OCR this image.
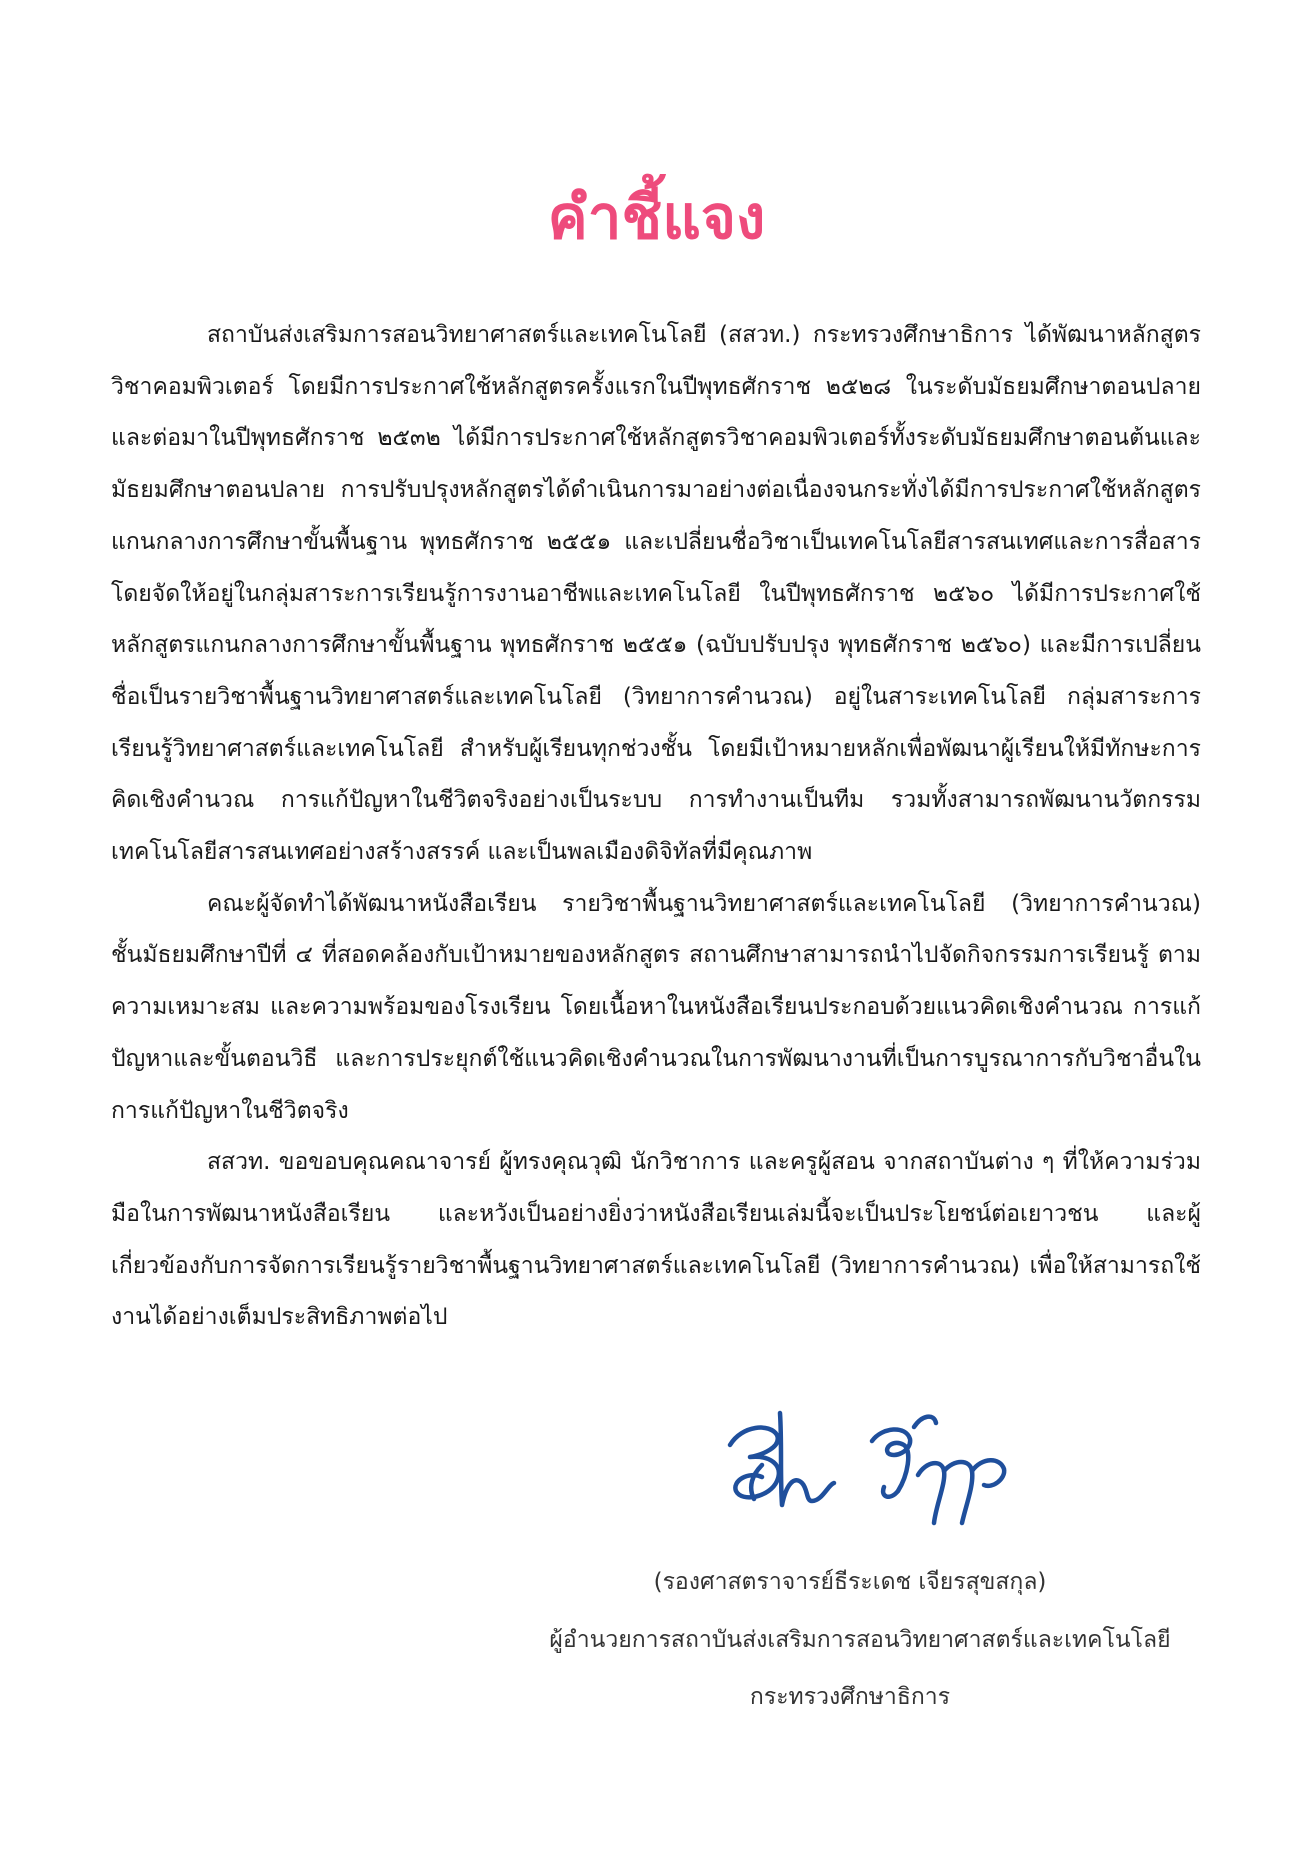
คำชี้แจง

สถาบันส่งเสริมการสอนวิทยาศาสตร์และเทคโนโลยี (สสวท.) กระทรวงศึกษาธิการ ได้พัฒนาหลักสูตรวิชาคอมพิวเตอร์ โดยมีการประกาศใช้หลักสูตรครั้งแรกในปีพุทธศักราช ๒๕๒๘ ในระดับมัธยมศึกษาตอนปลาย และต่อมาในปีพุทธศักราช ๒๕๓๒ ได้มีการประกาศใช้หลักสูตรวิชาคอมพิวเตอร์ทั้งระดับมัธยมศึกษาตอนต้นและมัธยมศึกษาตอนปลาย การปรับปรุงหลักสูตรได้ดำเนินการมาอย่างต่อเนื่องจนกระทั่งได้มีการประกาศใช้หลักสูตรแกนกลางการศึกษาขั้นพื้นฐาน พุทธศักราช ๒๕๕๑ และเปลี่ยนชื่อวิชาเป็นเทคโนโลยีสารสนเทศและการสื่อสาร โดยจัดให้อยู่ในกลุ่มสาระการเรียนรู้การงานอาชีพและเทคโนโลยี ในปีพุทธศักราช ๒๕๖๐ ได้มีการประกาศใช้หลักสูตรแกนกลางการศึกษาขั้นพื้นฐาน พุทธศักราช ๒๕๕๑ (ฉบับปรับปรุง พุทธศักราช ๒๕๖๐) และมีการเปลี่ยนชื่อเป็นรายวิชาพื้นฐานวิทยาศาสตร์และเทคโนโลยี (วิทยาการคำนวณ) อยู่ในสาระเทคโนโลยี กลุ่มสาระการเรียนรู้วิทยาศาสตร์และเทคโนโลยี สำหรับผู้เรียนทุกช่วงชั้น โดยมีเป้าหมายหลักเพื่อพัฒนาผู้เรียนให้มีทักษะการคิดเชิงคำนวณ การแก้ปัญหาในชีวิตจริงอย่างเป็นระบบ การทำงานเป็นทีม รวมทั้งสามารถพัฒนานวัตกรรมเทคโนโลยีสารสนเทศอย่างสร้างสรรค์ และเป็นพลเมืองดิจิทัลที่มีคุณภาพ

คณะผู้จัดทำได้พัฒนาหนังสือเรียน รายวิชาพื้นฐานวิทยาศาสตร์และเทคโนโลยี (วิทยาการคำนวณ) ชั้นมัธยมศึกษาปีที่ ๔ ที่สอดคล้องกับเป้าหมายของหลักสูตร สถานศึกษาสามารถนำไปจัดกิจกรรมการเรียนรู้ ตามความเหมาะสม และความพร้อมของโรงเรียน โดยเนื้อหาในหนังสือเรียนประกอบด้วยแนวคิดเชิงคำนวณ การแก้ปัญหาและขั้นตอนวิธี และการประยุกต์ใช้แนวคิดเชิงคำนวณในการพัฒนางานที่เป็นการบูรณาการกับวิชาอื่นในการแก้ปัญหาในชีวิตจริง

สสวท. ขอขอบคุณคณาจารย์ ผู้ทรงคุณวุฒิ นักวิชาการ และครูผู้สอน จากสถาบันต่าง ๆ ที่ให้ความร่วมมือในการพัฒนาหนังสือเรียน และหวังเป็นอย่างยิ่งว่าหนังสือเรียนเล่มนี้จะเป็นประโยชน์ต่อเยาวชน และผู้เกี่ยวข้องกับการจัดการเรียนรู้รายวิชาพื้นฐานวิทยาศาสตร์และเทคโนโลยี (วิทยาการคำนวณ) เพื่อให้สามารถใช้งานได้อย่างเต็มประสิทธิภาพต่อไป

(รองศาสตราจารย์ธีระเดช เจียรสุขสกุล)
ผู้อำนวยการสถาบันส่งเสริมการสอนวิทยาศาสตร์และเทคโนโลยี
กระทรวงศึกษาธิการ
